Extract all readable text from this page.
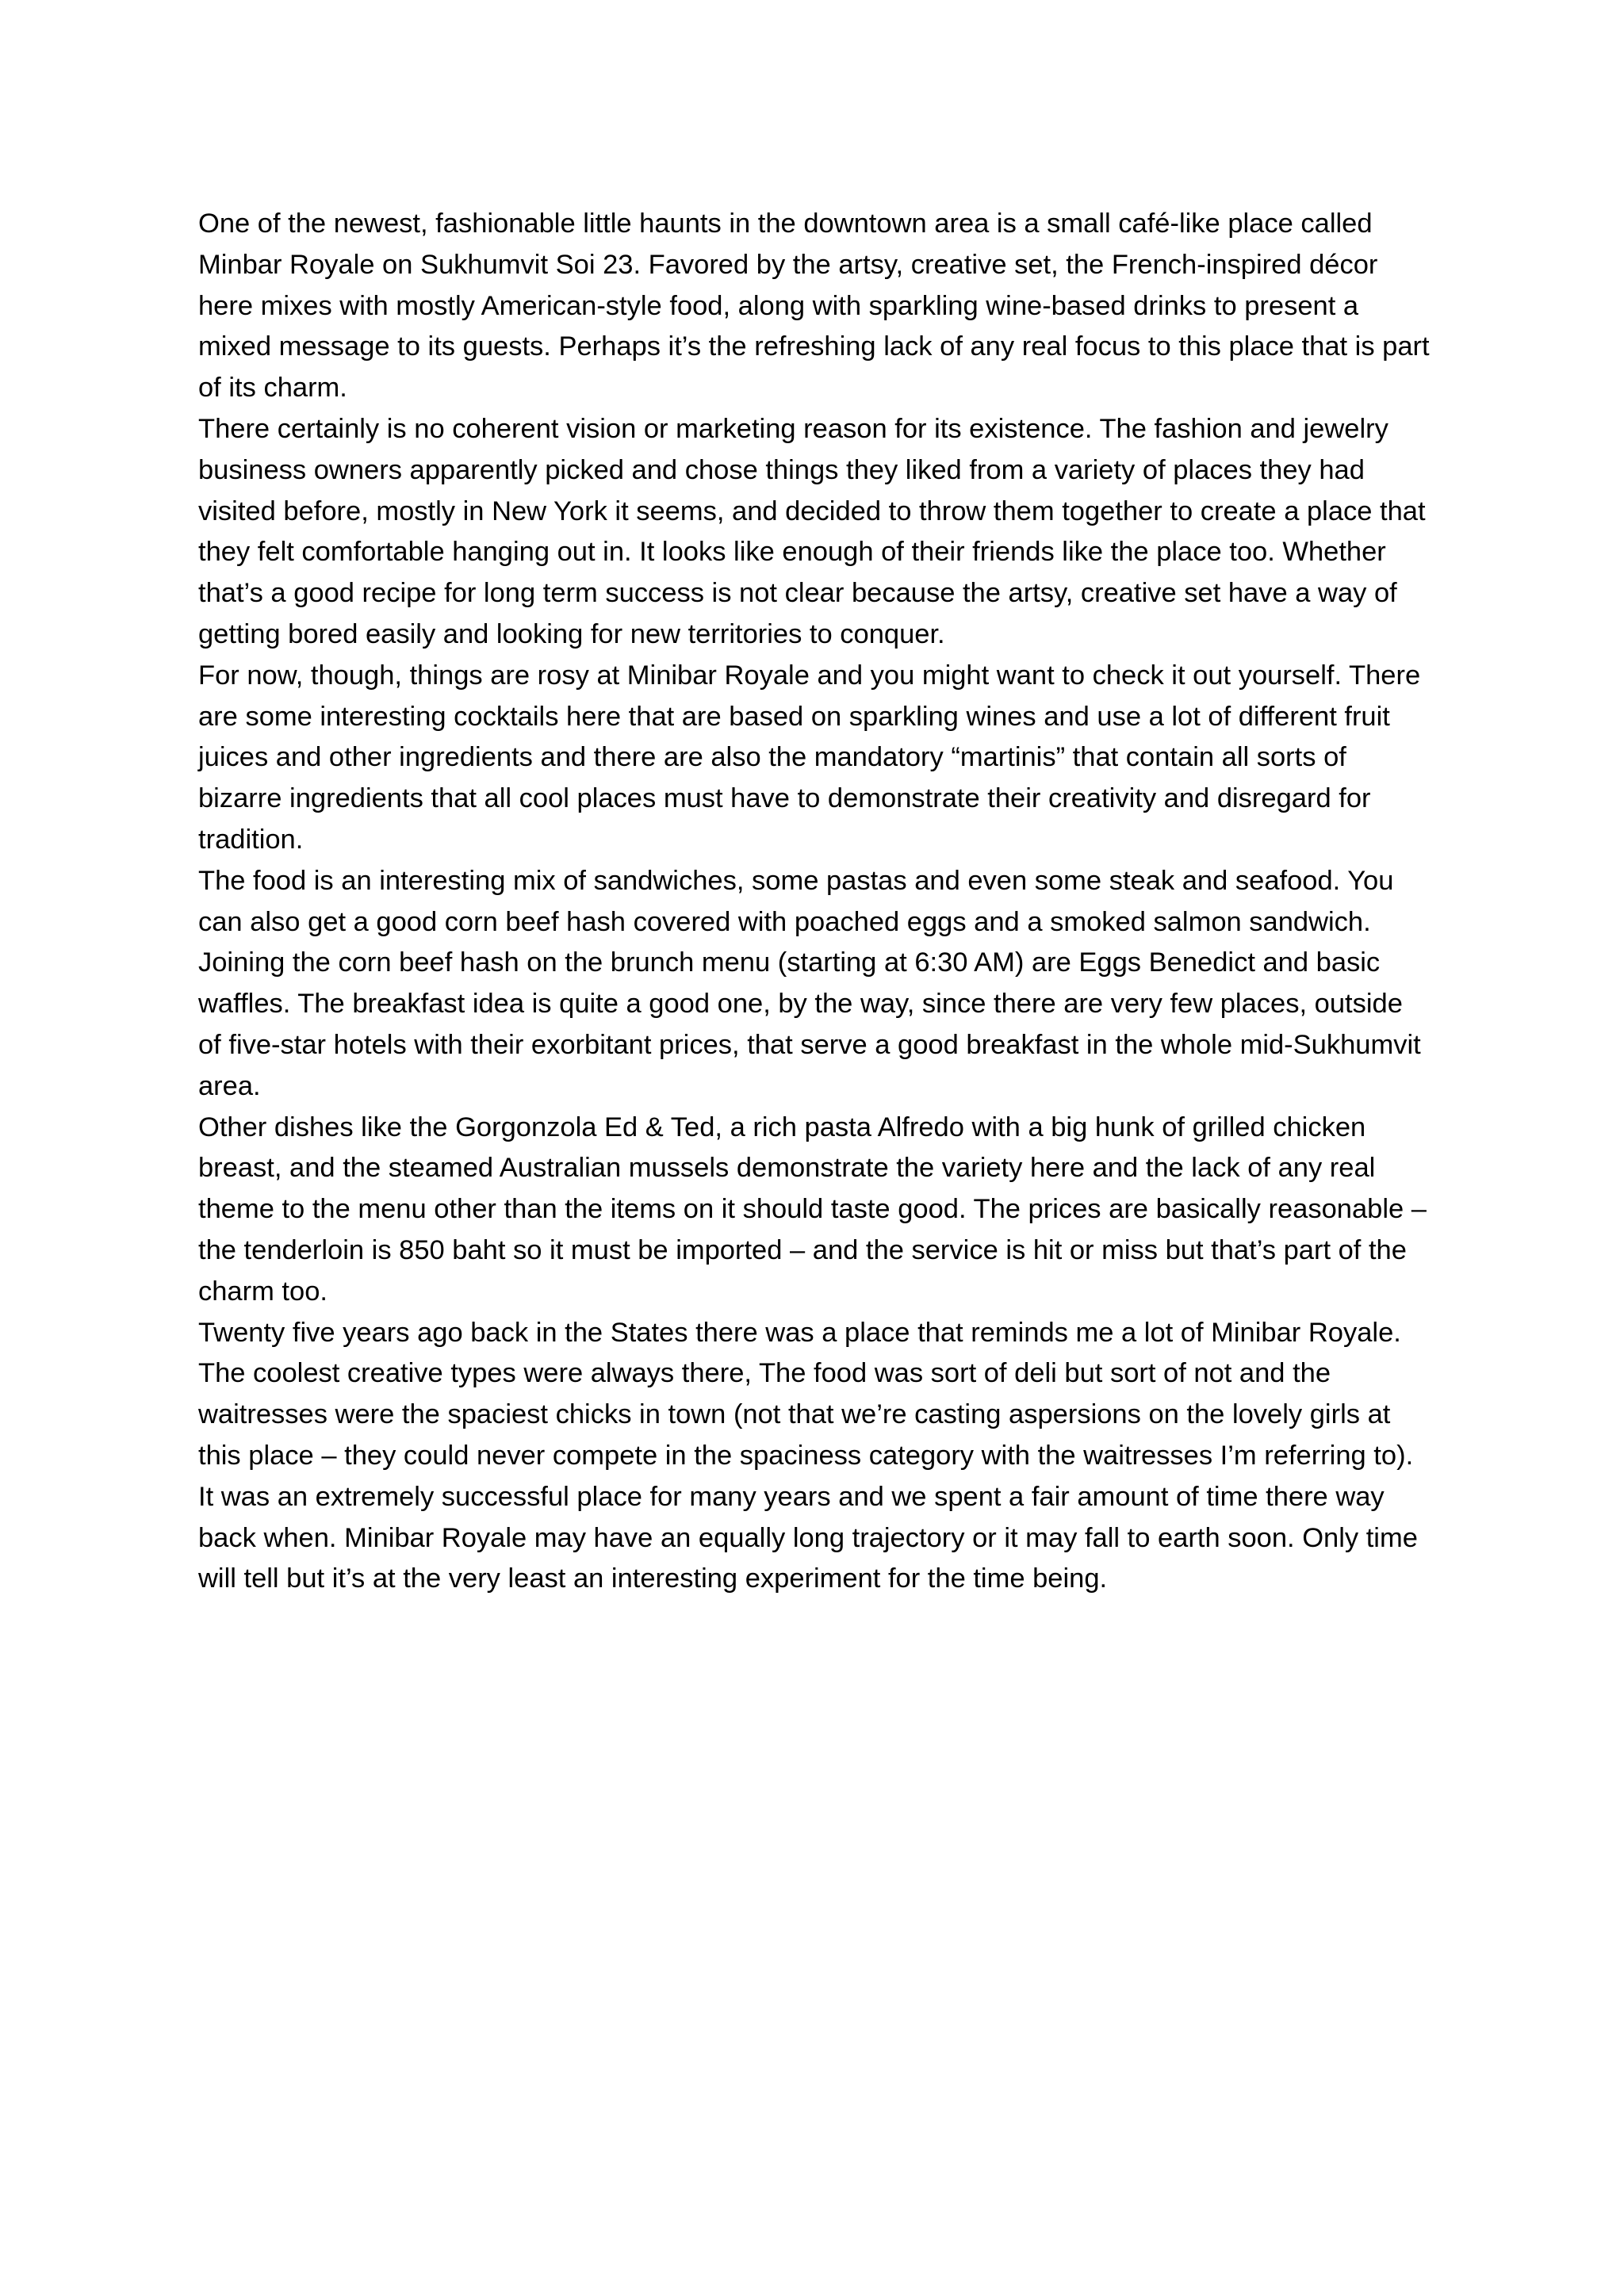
One of the newest, fashionable little haunts in the downtown area is a small café-like place called

Minbar Royale on Sukhumvit Soi 23. Favored by the artsy, creative set, the French-inspired décor

here mixes with mostly American-style food, along with sparkling wine-based drinks to present a

mixed message to its guests. Perhaps it’s the refreshing lack of any real focus to this place that is part

of its charm.

There certainly is no coherent vision or marketing reason for its existence. The fashion and jewelry

business owners apparently picked and chose things they liked from a variety of places they had

visited before, mostly in New York it seems, and decided to throw them together to create a place that

they felt comfortable hanging out in. It looks like enough of their friends like the place too. Whether

that’s a good recipe for long term success is not clear because the artsy, creative set have a way of

getting bored easily and looking for new territories to conquer.

For now, though, things are rosy at Minibar Royale and you might want to check it out yourself. There

are some interesting cocktails here that are based on sparkling wines and use a lot of different fruit

juices and other ingredients and there are also the mandatory “martinis” that contain all sorts of

bizarre ingredients that all cool places must have to demonstrate their creativity and disregard for

tradition.

The food is an interesting mix of sandwiches, some pastas and even some steak and seafood. You

can also get a good corn beef hash covered with poached eggs and a smoked salmon sandwich.

Joining the corn beef hash on the brunch menu (starting at 6:30 AM) are Eggs Benedict and basic

waffles. The breakfast idea is quite a good one, by the way, since there are very few places, outside

of five-star hotels with their exorbitant prices, that serve a good breakfast in the whole mid-Sukhumvit

area.

Other dishes like the Gorgonzola Ed & Ted, a rich pasta Alfredo with a big hunk of grilled chicken

breast, and the steamed Australian mussels demonstrate the variety here and the lack of any real

theme to the menu other than the items on it should taste good. The prices are basically reasonable –

the tenderloin is 850 baht so it must be imported – and the service is hit or miss but that’s part of the

charm too.

Twenty five years ago back in the States there was a place that reminds me a lot of Minibar Royale.

The coolest creative types were always there, The food was sort of deli but sort of not and the

waitresses were the spaciest chicks in town (not that we’re casting aspersions on the lovely girls at

this place – they could never compete in the spaciness category with the waitresses I’m referring to).

It was an extremely successful place for many years and we spent a fair amount of time there way

back when. Minibar Royale may have an equally long trajectory or it may fall to earth soon. Only time

will tell but it’s at the very least an interesting experiment for the time being.
